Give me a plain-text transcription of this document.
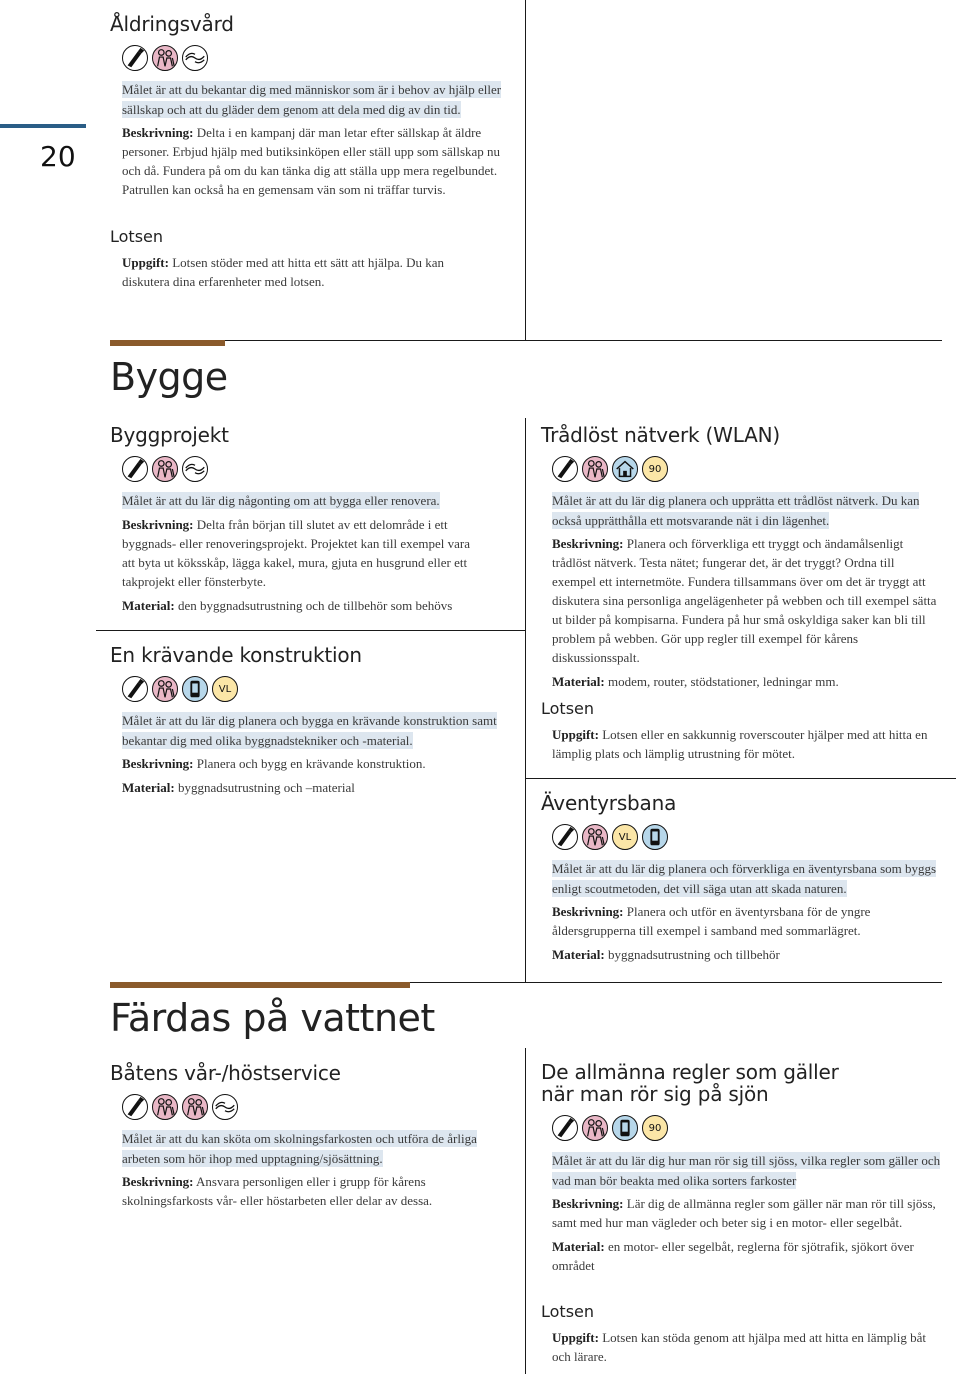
20
Åldringsvård

Målet är att du bekantar dig med människor som är i behov av hjälp eller sällskap och att du gläder dem genom att dela med dig av din tid.

Beskrivning: Delta i en kampanj där man letar efter sällskap åt äldre personer. Erbjud hjälp med butiksinköpen eller ställ upp som sällskap nu och då. Fundera på om du kan tänka dig att ställa upp mera regelbundet. Patrullen kan också ha en gemensam vän som ni träffar turvis.

Lotsen

Uppgift: Lotsen stöder med att hitta ett sätt att hjälpa. Du kan diskutera dina erfarenheter med lotsen.

Bygge
Byggprojekt

Målet är att du lär dig någonting om att bygga eller renovera.

Beskrivning: Delta från början till slutet av ett delområde i ett byggnads- eller renoveringsprojekt. Projektet kan till exempel vara att byta ut köksskåp, lägga kakel, mura, gjuta en husgrund eller ett takprojekt eller fönsterbyte.

Material: den byggnadsutrustning och de tillbehör som behövs

En krävande konstruktion
VL

Målet är att du lär dig planera och bygga en krävande konstruktion samt bekantar dig med olika byggnadstekniker och -material.

Beskrivning: Planera och bygg en krävande konstruktion.

Material: byggnadsutrustning och –material

Trådlöst nätverk (WLAN)
90

Målet är att du lär dig planera och upprätta ett trådlöst nätverk. Du kan också upprätthålla ett motsvarande nät i din lägenhet.

Beskrivning: Planera och förverkliga ett tryggt och ändamålsenligt trådlöst nätverk. Testa nätet; fungerar det, är det tryggt? Ordna till exempel ett internetmöte. Fundera tillsammans över om det är tryggt att diskutera sina personliga angelägenheter på webben och till exempel sätta ut bilder på kompisarna. Fundera på hur små oskyldiga saker kan bli till problem på webben. Gör upp regler till exempel för kårens diskussionsspalt.

Material: modem, router, stödstationer, ledningar mm.

Lotsen

Uppgift: Lotsen eller en sakkunnig roverscouter hjälper med att hitta en lämplig plats och lämplig utrustning för mötet.

Äventyrsbana
VL

Målet är att du lär dig planera och förverkliga en äventyrsbana som byggs enligt scoutmetoden, det vill säga utan att skada naturen.

Beskrivning: Planera och utför en äventyrsbana för de yngre åldersgrupperna till exempel i samband med sommarlägret.

Material: byggnadsutrustning och tillbehör

Färdas på vattnet
Båtens vår-/höstservice

Målet är att du kan sköta om skolningsfarkosten och utföra de årliga arbeten som hör ihop med upptagning/sjösättning.

Beskrivning: Ansvara personligen eller i grupp för kårens skolningsfarkosts vår- eller höstarbeten eller delar av dessa.

De allmänna regler som gäller
när man rör sig på sjön
90

Målet är att du lär dig hur man rör sig till sjöss, vilka regler som gäller och vad man bör beakta med olika sorters farkoster

Beskrivning: Lär dig de allmänna regler som gäller när man rör till sjöss, samt med hur man vägleder och beter sig i en motor- eller segelbåt.

Material: en motor- eller segelbåt, reglerna för sjötrafik, sjökort över området

Lotsen

Uppgift: Lotsen kan stöda genom att hjälpa med att hitta en lämplig båt och lärare.
